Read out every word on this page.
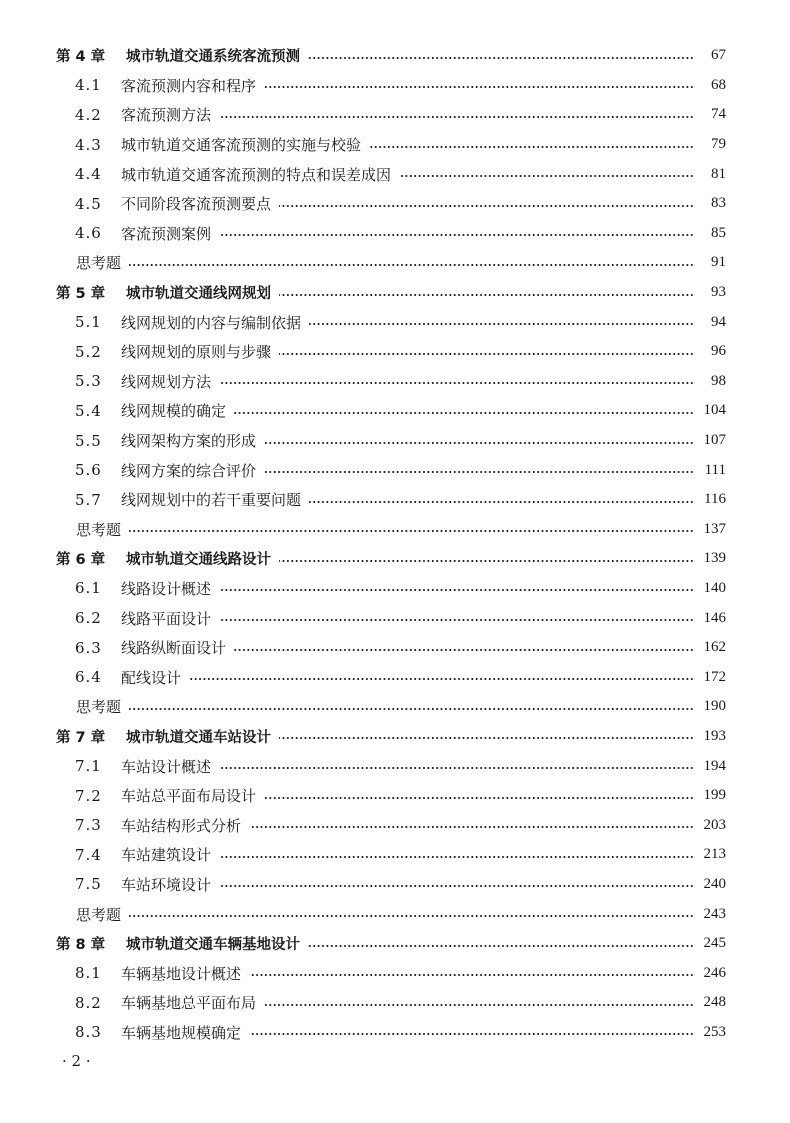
第 4 章	城市轨道交通系统客流预测	67
4.1	客流预测内容和程序	68
4.2	客流预测方法	74
4.3	城市轨道交通客流预测的实施与校验	79
4.4	城市轨道交通客流预测的特点和误差成因	81
4.5	不同阶段客流预测要点	83
4.6	客流预测案例	85
思考题	91
第 5 章	城市轨道交通线网规划	93
5.1	线网规划的内容与编制依据	94
5.2	线网规划的原则与步骤	96
5.3	线网规划方法	98
5.4	线网规模的确定	104
5.5	线网架构方案的形成	107
5.6	线网方案的综合评价	111
5.7	线网规划中的若干重要问题	116
思考题	137
第 6 章	城市轨道交通线路设计	139
6.1	线路设计概述	140
6.2	线路平面设计	146
6.3	线路纵断面设计	162
6.4	配线设计	172
思考题	190
第 7 章	城市轨道交通车站设计	193
7.1	车站设计概述	194
7.2	车站总平面布局设计	199
7.3	车站结构形式分析	203
7.4	车站建筑设计	213
7.5	车站环境设计	240
思考题	243
第 8 章	城市轨道交通车辆基地设计	245
8.1	车辆基地设计概述	246
8.2	车辆基地总平面布局	248
8.3	车辆基地规模确定	253
· 2 ·
